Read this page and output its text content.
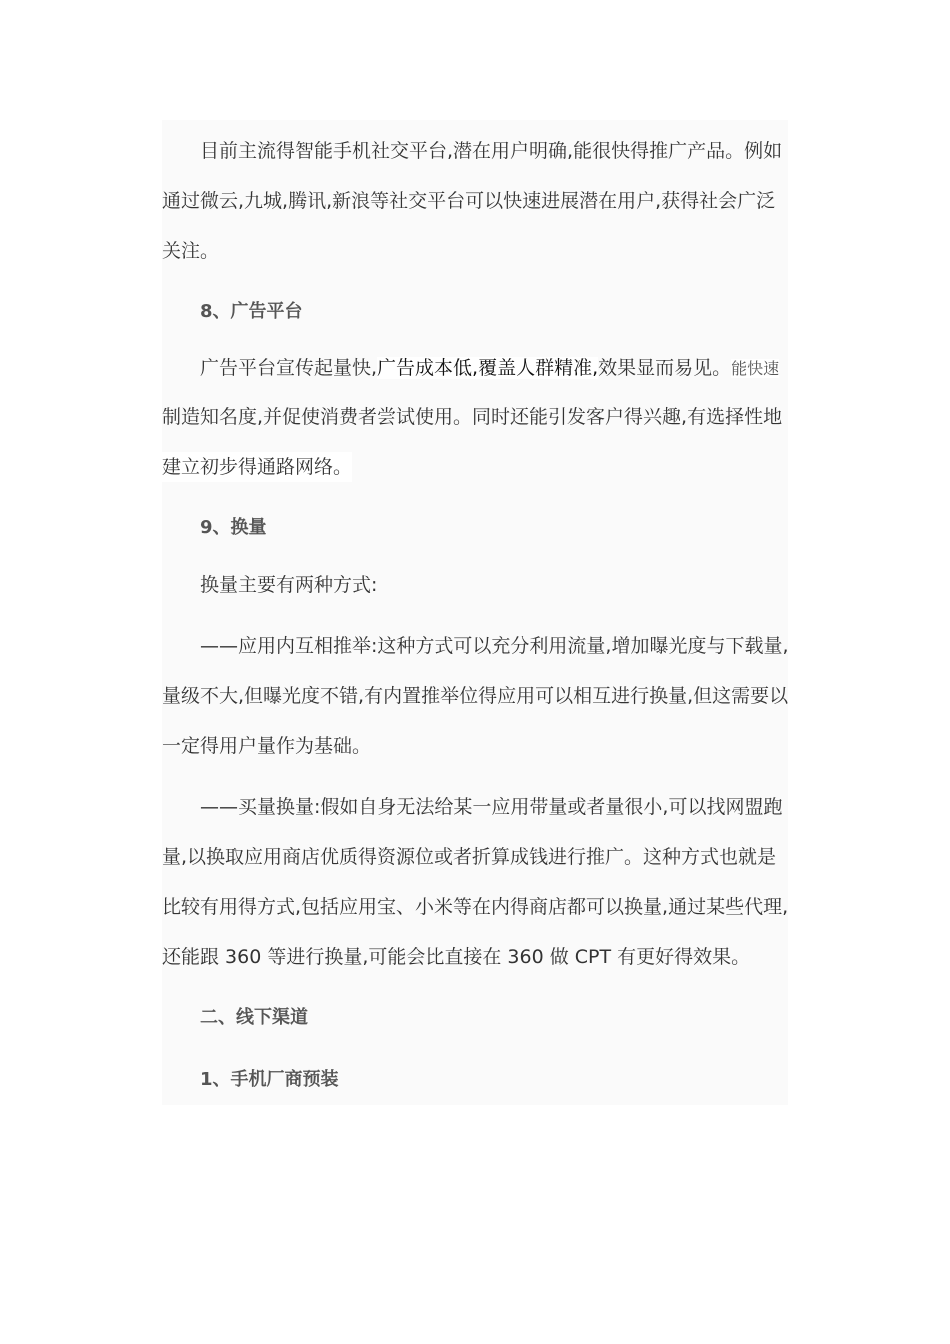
目前主流得智能手机社交平台,潜在用户明确,能很快得推广产品。例如
通过微云,九城,腾讯,新浪等社交平台可以快速进展潜在用户,获得社会广泛
关注。
8、广告平台
广告平台宣传起量快,广告成本低,覆盖人群精准,效果显而易见。能快速
制造知名度,并促使消费者尝试使用。同时还能引发客户得兴趣,有选择性地
建立初步得通路网络。
9、换量
换量主要有两种方式:
——应用内互相推举:这种方式可以充分利用流量,增加曝光度与下载量,
量级不大,但曝光度不错,有内置推举位得应用可以相互进行换量,但这需要以
一定得用户量作为基础。
——买量换量:假如自身无法给某一应用带量或者量很小,可以找网盟跑
量,以换取应用商店优质得资源位或者折算成钱进行推广。这种方式也就是
比较有用得方式,包括应用宝、小米等在内得商店都可以换量,通过某些代理,
还能跟 360 等进行换量,可能会比直接在 360 做 CPT 有更好得效果。
二、线下渠道
1、手机厂商预装
